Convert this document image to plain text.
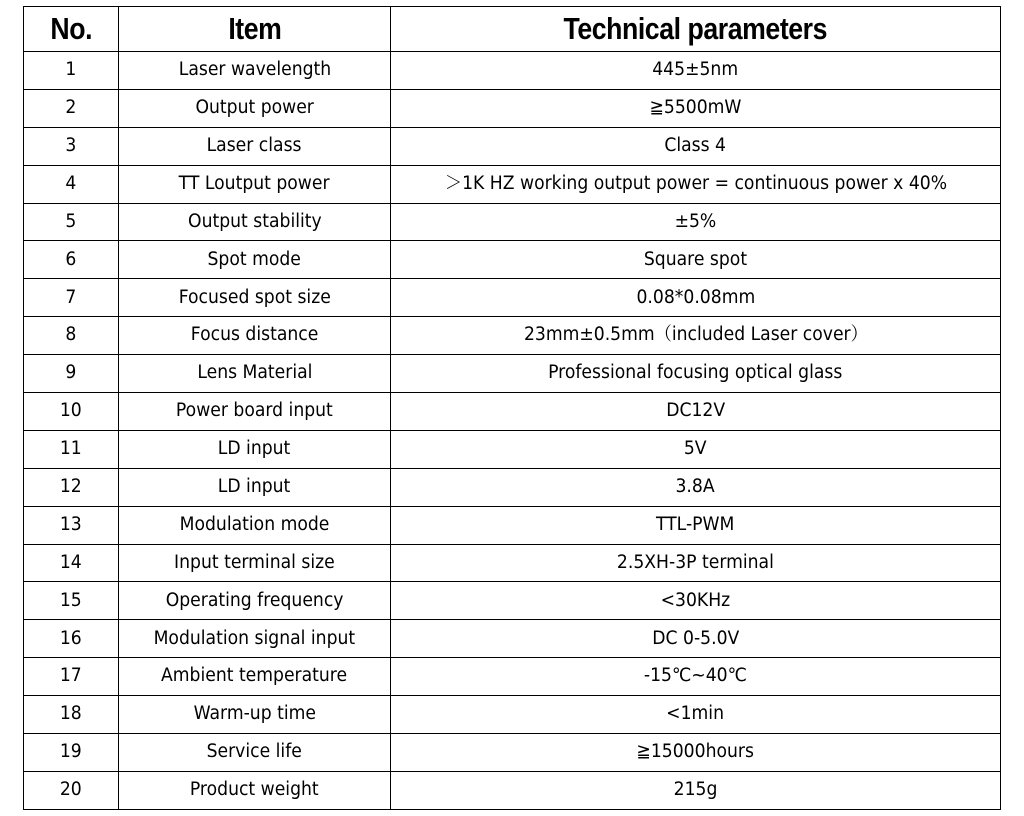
No.	Item	Technical parameters
1	Laser wavelength	445±5nm
2	Output power	≧5500mW
3	Laser class	Class 4
4	TT Loutput power	＞1K HZ working output power = continuous power x 40%
5	Output stability	±5%
6	Spot mode	Square spot
7	Focused spot size	0.08*0.08mm
8	Focus distance	23mm±0.5mm（included Laser cover）
9	Lens Material	Professional focusing optical glass
10	Power board input	DC12V
11	LD input	5V
12	LD input	3.8A
13	Modulation mode	TTL-PWM
14	Input terminal size	2.5XH-3P terminal
15	Operating frequency	<30KHz
16	Modulation signal input	DC 0-5.0V
17	Ambient temperature	-15℃~40℃
18	Warm-up time	<1min
19	Service life	≧15000hours
20	Product weight	215g
